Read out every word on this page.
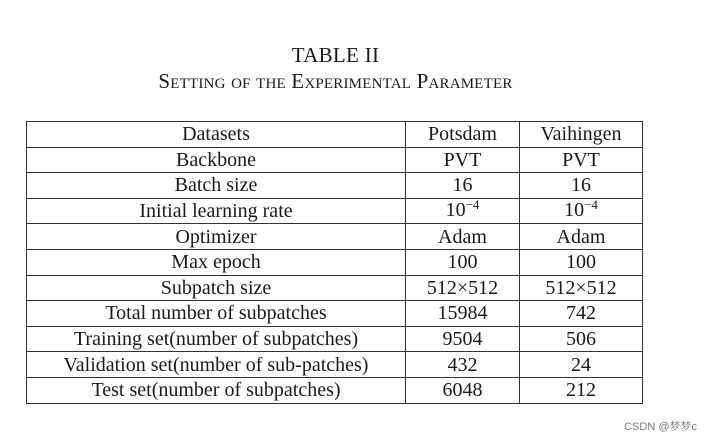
TABLE II
Setting of the Experimental Parameter
Datasets	Potsdam	Vaihingen
Backbone	PVT	PVT
Batch size	16	16
Initial learning rate	$10^{-4}$	$10^{-4}$
Optimizer	Adam	Adam
Max epoch	100	100
Subpatch size	512×512	512×512
Total number of subpatches	15984	742
Training set(number of subpatches)	9504	506
Validation set(number of sub-patches)	432	24
Test set(number of subpatches)	6048	212
CSDN @梦梦c
